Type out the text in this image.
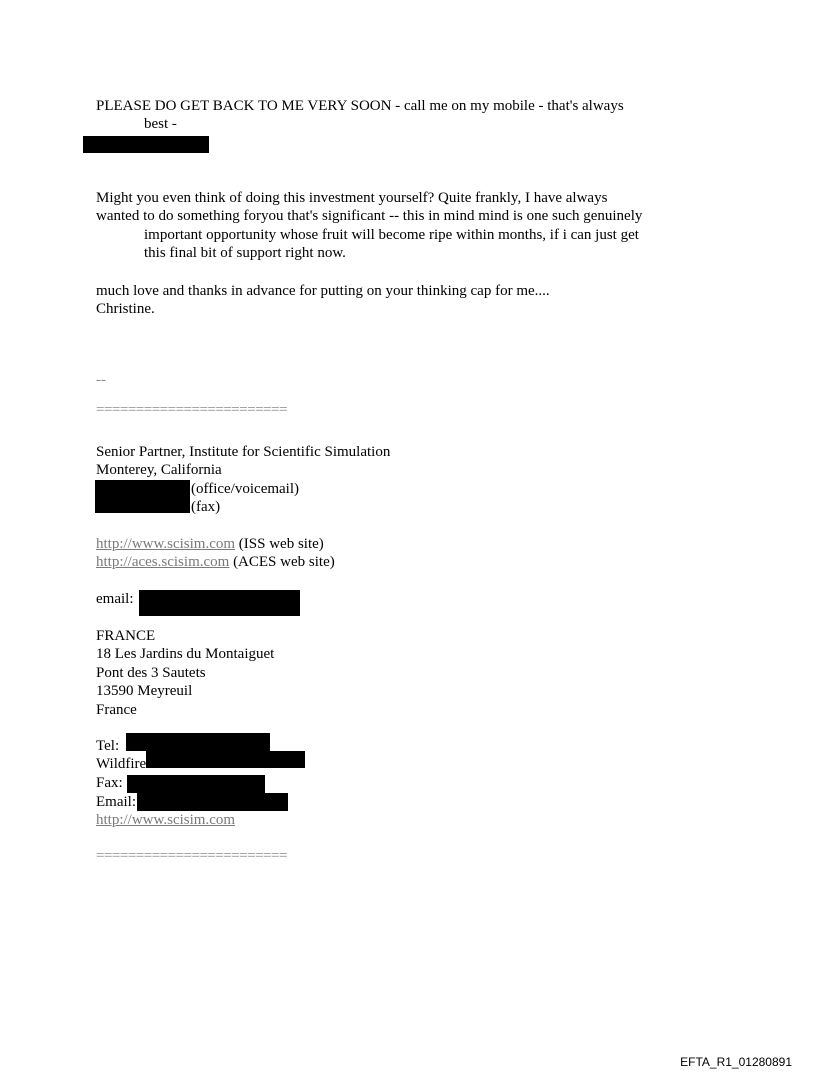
PLEASE DO GET BACK TO ME VERY SOON - call me on my mobile - that's always
best -
Might you even think of doing this investment yourself? Quite frankly, I have always
wanted to do something foryou that's significant -- this in mind mind is one such genuinely
important opportunity whose fruit will become ripe within months, if i can just get
this final bit of support right now.
much love and thanks in advance for putting on your thinking cap for me....
Christine.
--
========================
Senior Partner, Institute for Scientific Simulation
Monterey, California
(office/voicemail)
(fax)
http://www.scisim.com (ISS web site)
http://aces.scisim.com (ACES web site)
email:
FRANCE
18 Les Jardins du Montaiguet
Pont des 3 Sautets
13590 Meyreuil
France
Tel:
Wildfire
Fax:
Email:
http://www.scisim.com
========================
EFTA_R1_01280891
